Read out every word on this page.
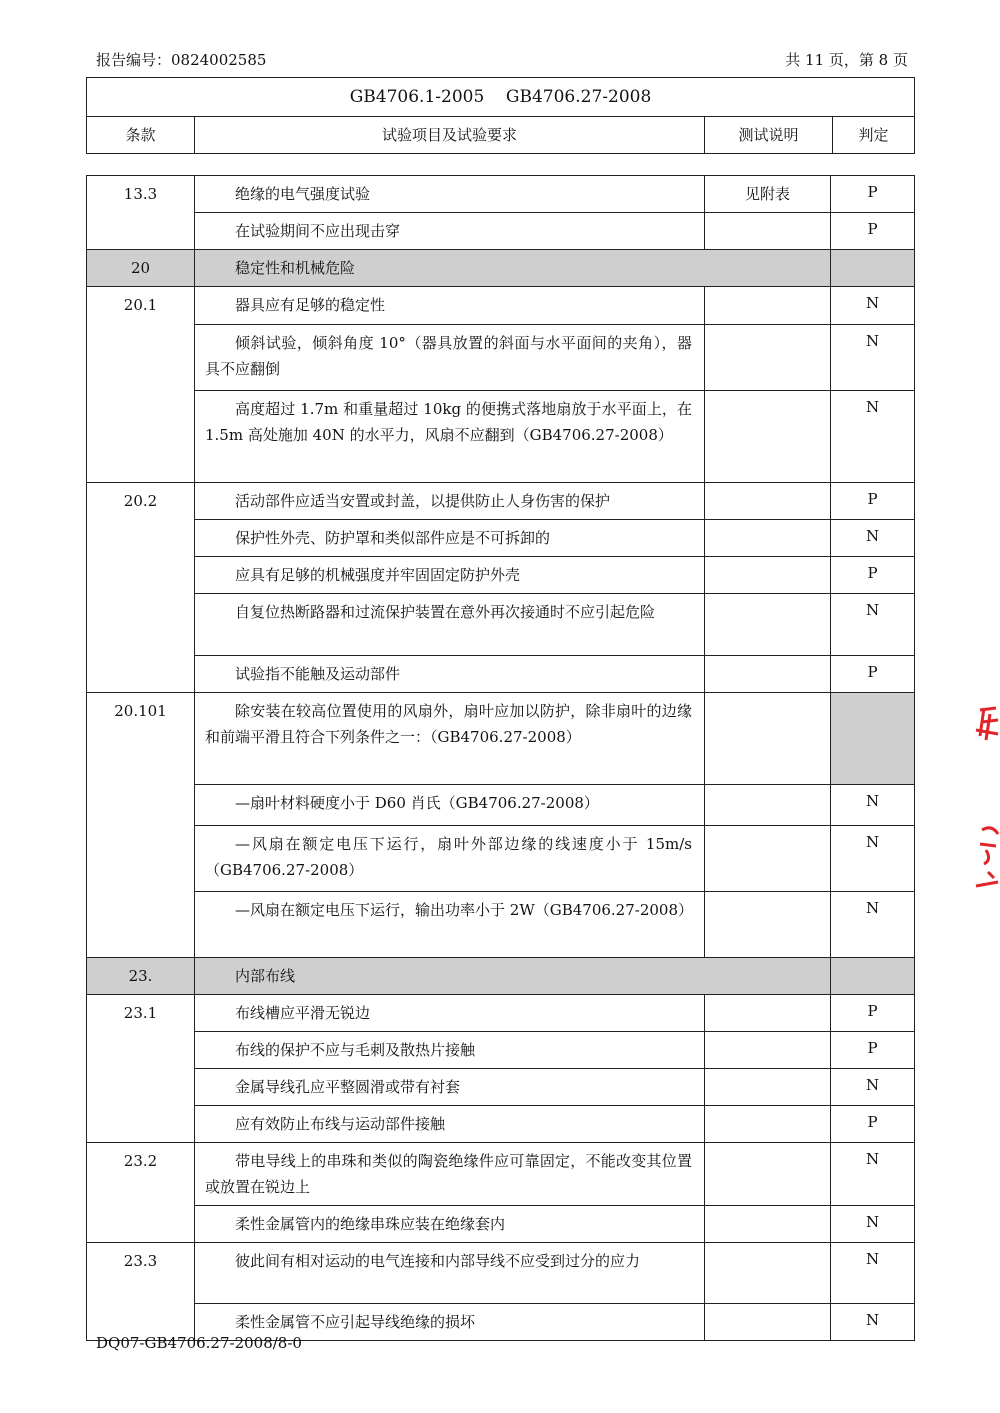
报告编号：0824002585	共 11 页，第 8 页
GB4706.1-2005    GB4706.27-2008
条款	试验项目及试验要求	测试说明	判定
13.3	绝缘的电气强度试验	见附表	P
	在试验期间不应出现击穿		P
20	稳定性和机械危险		
20.1	器具应有足够的稳定性		N
	倾斜试验，倾斜角度 10°（器具放置的斜面与水平面间的夹角），器具不应翻倒		N
	高度超过 1.7m 和重量超过 10kg 的便携式落地扇放于水平面上，在 1.5m 高处施加 40N 的水平力，风扇不应翻到（GB4706.27-2008）		N
20.2	活动部件应适当安置或封盖，以提供防止人身伤害的保护		P
	保护性外壳、防护罩和类似部件应是不可拆卸的		N
	应具有足够的机械强度并牢固固定防护外壳		P
	自复位热断路器和过流保护装置在意外再次接通时不应引起危险		N
	试验指不能触及运动部件		P
20.101	除安装在较高位置使用的风扇外，扇叶应加以防护，除非扇叶的边缘和前端平滑且符合下列条件之一：（GB4706.27-2008）		
	—扇叶材料硬度小于 D60 肖氏（GB4706.27-2008）		N
	—风扇在额定电压下运行，扇叶外部边缘的线速度小于 15m/s（GB4706.27-2008）		N
	—风扇在额定电压下运行，输出功率小于 2W（GB4706.27-2008）		N
23.	内部布线		
23.1	布线槽应平滑无锐边		P
	布线的保护不应与毛刺及散热片接触		P
	金属导线孔应平整圆滑或带有衬套		N
	应有效防止布线与运动部件接触		P
23.2	带电导线上的串珠和类似的陶瓷绝缘件应可靠固定，不能改变其位置或放置在锐边上		N
	柔性金属管内的绝缘串珠应装在绝缘套内		N
23.3	彼此间有相对运动的电气连接和内部导线不应受到过分的应力		N
	柔性金属管不应引起导线绝缘的损坏		N
DQ07-GB4706.27-2008/8-0
